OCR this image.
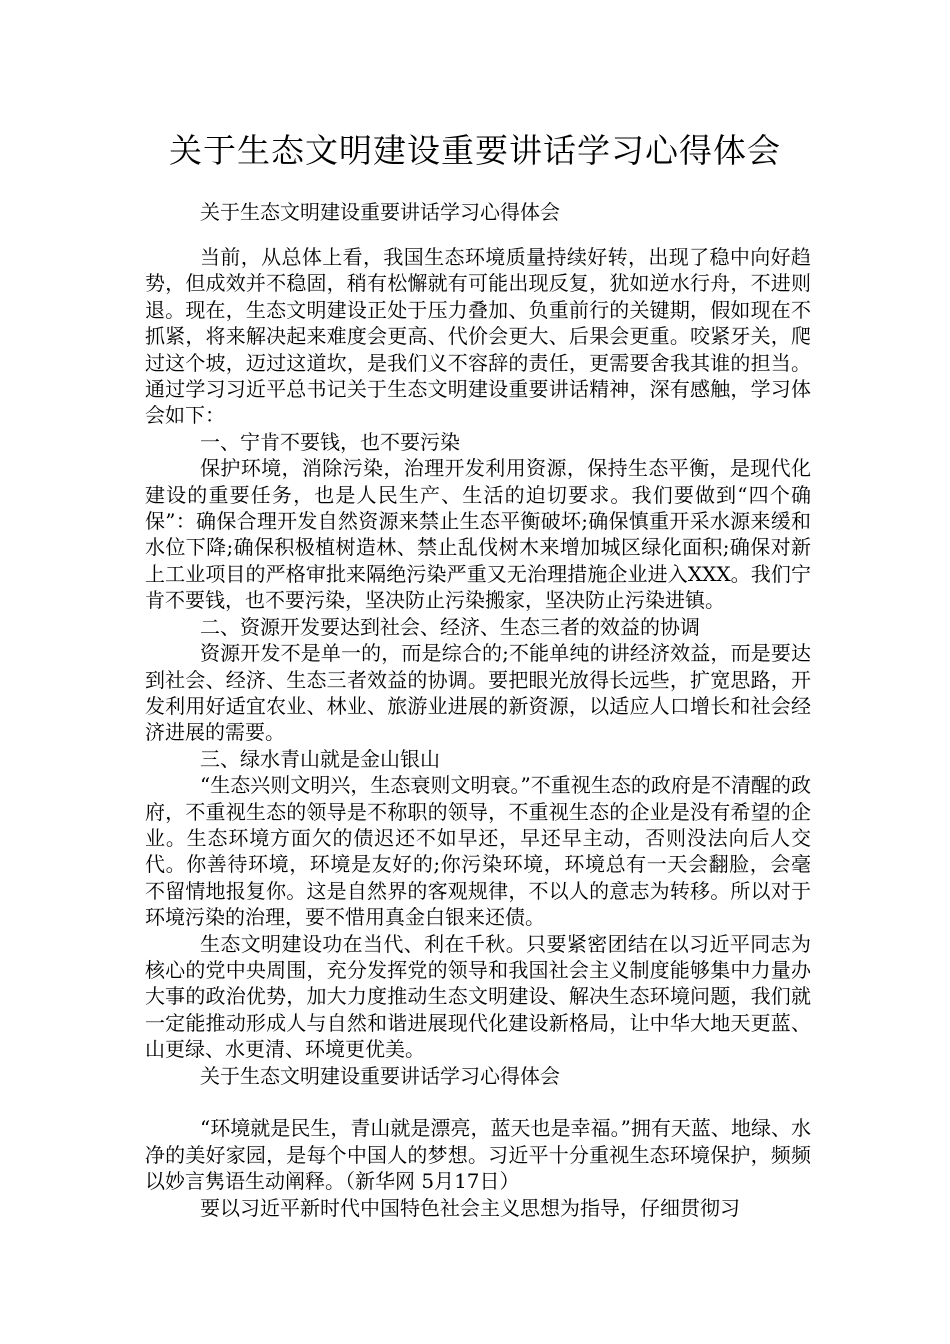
关于生态文明建设重要讲话学习心得体会
关于生态文明建设重要讲话学习心得体会

当前，从总体上看，我国生态环境质量持续好转，出现了稳中向好趋势，但成效并不稳固，稍有松懈就有可能出现反复，犹如逆水行舟，不进则退。现在，生态文明建设正处于压力叠加、负重前行的关键期，假如现在不抓紧，将来解决起来难度会更高、代价会更大、后果会更重。咬紧牙关，爬过这个坡，迈过这道坎，是我们义不容辞的责任，更需要舍我其谁的担当。通过学习习近平总书记关于生态文明建设重要讲话精神，深有感触，学习体会如下：

一、宁肯不要钱，也不要污染

保护环境，消除污染，治理开发利用资源，保持生态平衡，是现代化建设的重要任务，也是人民生产、生活的迫切要求。我们要做到“四个确保”：确保合理开发自然资源来禁止生态平衡破坏;确保慎重开采水源来缓和水位下降;确保积极植树造林、禁止乱伐树木来增加城区绿化面积;确保对新上工业项目的严格审批来隔绝污染严重又无治理措施企业进入XXX。我们宁肯不要钱，也不要污染，坚决防止污染搬家，坚决防止污染进镇。

二、资源开发要达到社会、经济、生态三者的效益的协调

资源开发不是单一的，而是综合的;不能单纯的讲经济效益，而是要达到社会、经济、生态三者效益的协调。要把眼光放得长远些，扩宽思路，开发利用好适宜农业、林业、旅游业进展的新资源，以适应人口增长和社会经济进展的需要。

三、绿水青山就是金山银山

“生态兴则文明兴，生态衰则文明衰。”不重视生态的政府是不清醒的政府，不重视生态的领导是不称职的领导，不重视生态的企业是没有希望的企业。生态环境方面欠的债迟还不如早还，早还早主动，否则没法向后人交代。你善待环境，环境是友好的;你污染环境，环境总有一天会翻脸，会毫不留情地报复你。这是自然界的客观规律，不以人的意志为转移。所以对于环境污染的治理，要不惜用真金白银来还债。

生态文明建设功在当代、利在千秋。只要紧密团结在以习近平同志为核心的党中央周围，充分发挥党的领导和我国社会主义制度能够集中力量办大事的政治优势，加大力度推动生态文明建设、解决生态环境问题，我们就一定能推动形成人与自然和谐进展现代化建设新格局，让中华大地天更蓝、山更绿、水更清、环境更优美。

关于生态文明建设重要讲话学习心得体会

“环境就是民生，青山就是漂亮，蓝天也是幸福。”拥有天蓝、地绿、水净的美好家园，是每个中国人的梦想。习近平十分重视生态环境保护，频频以妙言隽语生动阐释。（新华网 5月17日）

要以习近平新时代中国特色社会主义思想为指导，仔细贯彻习
